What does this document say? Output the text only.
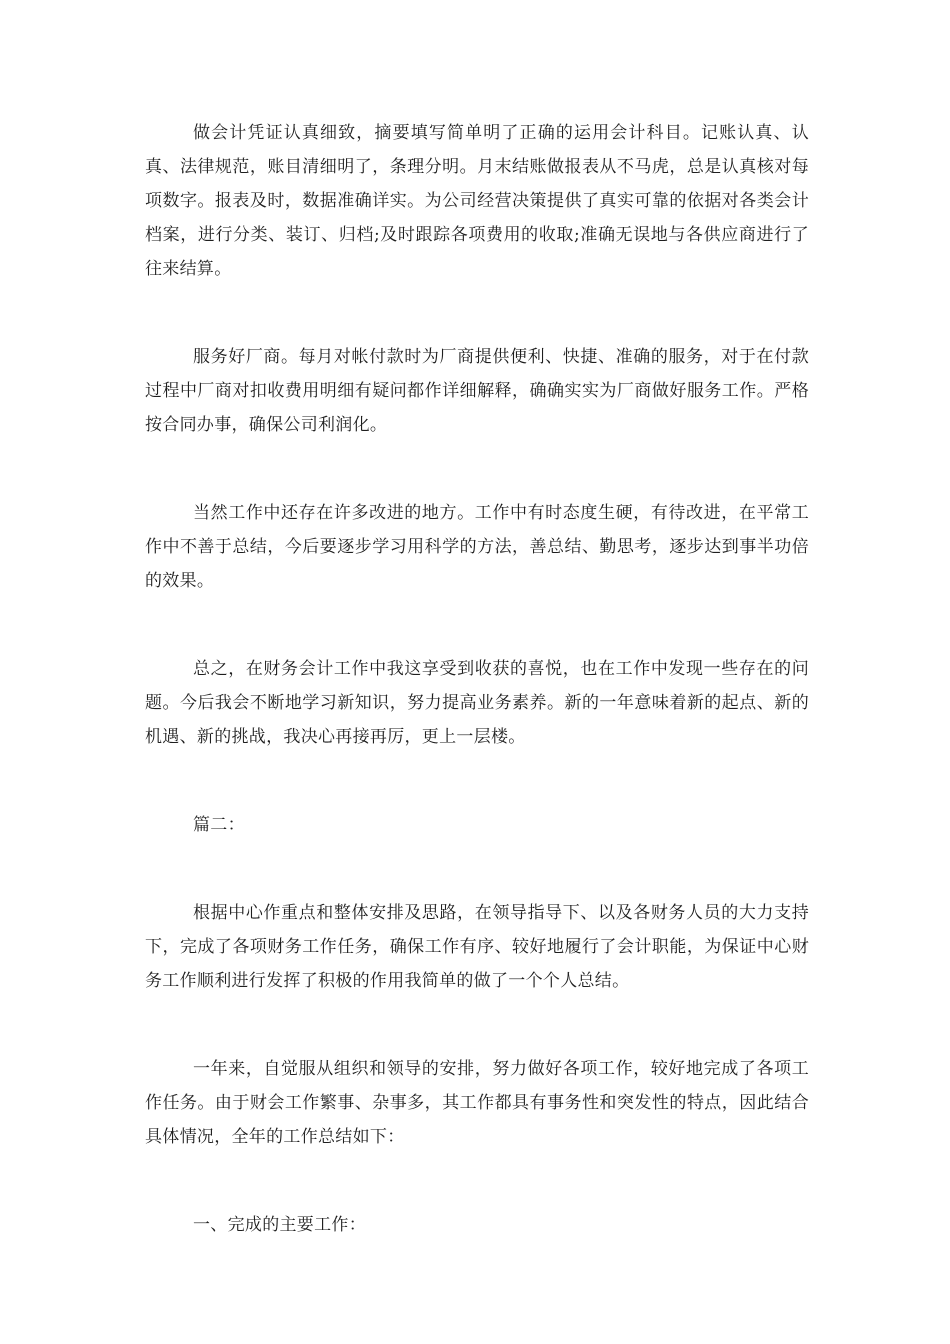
做会计凭证认真细致，摘要填写简单明了正确的运用会计科目。记账认真、认真、法律规范，账目清细明了，条理分明。月末结账做报表从不马虎，总是认真核对每项数字。报表及时，数据准确详实。为公司经营决策提供了真实可靠的依据对各类会计档案，进行分类、装订、归档;及时跟踪各项费用的收取;准确无误地与各供应商进行了往来结算。

服务好厂商。每月对帐付款时为厂商提供便利、快捷、准确的服务，对于在付款过程中厂商对扣收费用明细有疑问都作详细解释，确确实实为厂商做好服务工作。严格按合同办事，确保公司利润化。

当然工作中还存在许多改进的地方。工作中有时态度生硬，有待改进，在平常工作中不善于总结，今后要逐步学习用科学的方法，善总结、勤思考，逐步达到事半功倍的效果。

总之，在财务会计工作中我这享受到收获的喜悦，也在工作中发现一些存在的问题。今后我会不断地学习新知识，努力提高业务素养。新的一年意味着新的起点、新的机遇、新的挑战，我决心再接再厉，更上一层楼。

篇二：

根据中心作重点和整体安排及思路，在领导指导下、以及各财务人员的大力支持下，完成了各项财务工作任务，确保工作有序、较好地履行了会计职能，为保证中心财务工作顺利进行发挥了积极的作用我简单的做了一个个人总结。

一年来，自觉服从组织和领导的安排，努力做好各项工作，较好地完成了各项工作任务。由于财会工作繁事、杂事多，其工作都具有事务性和突发性的特点，因此结合具体情况，全年的工作总结如下：

一、完成的主要工作：
